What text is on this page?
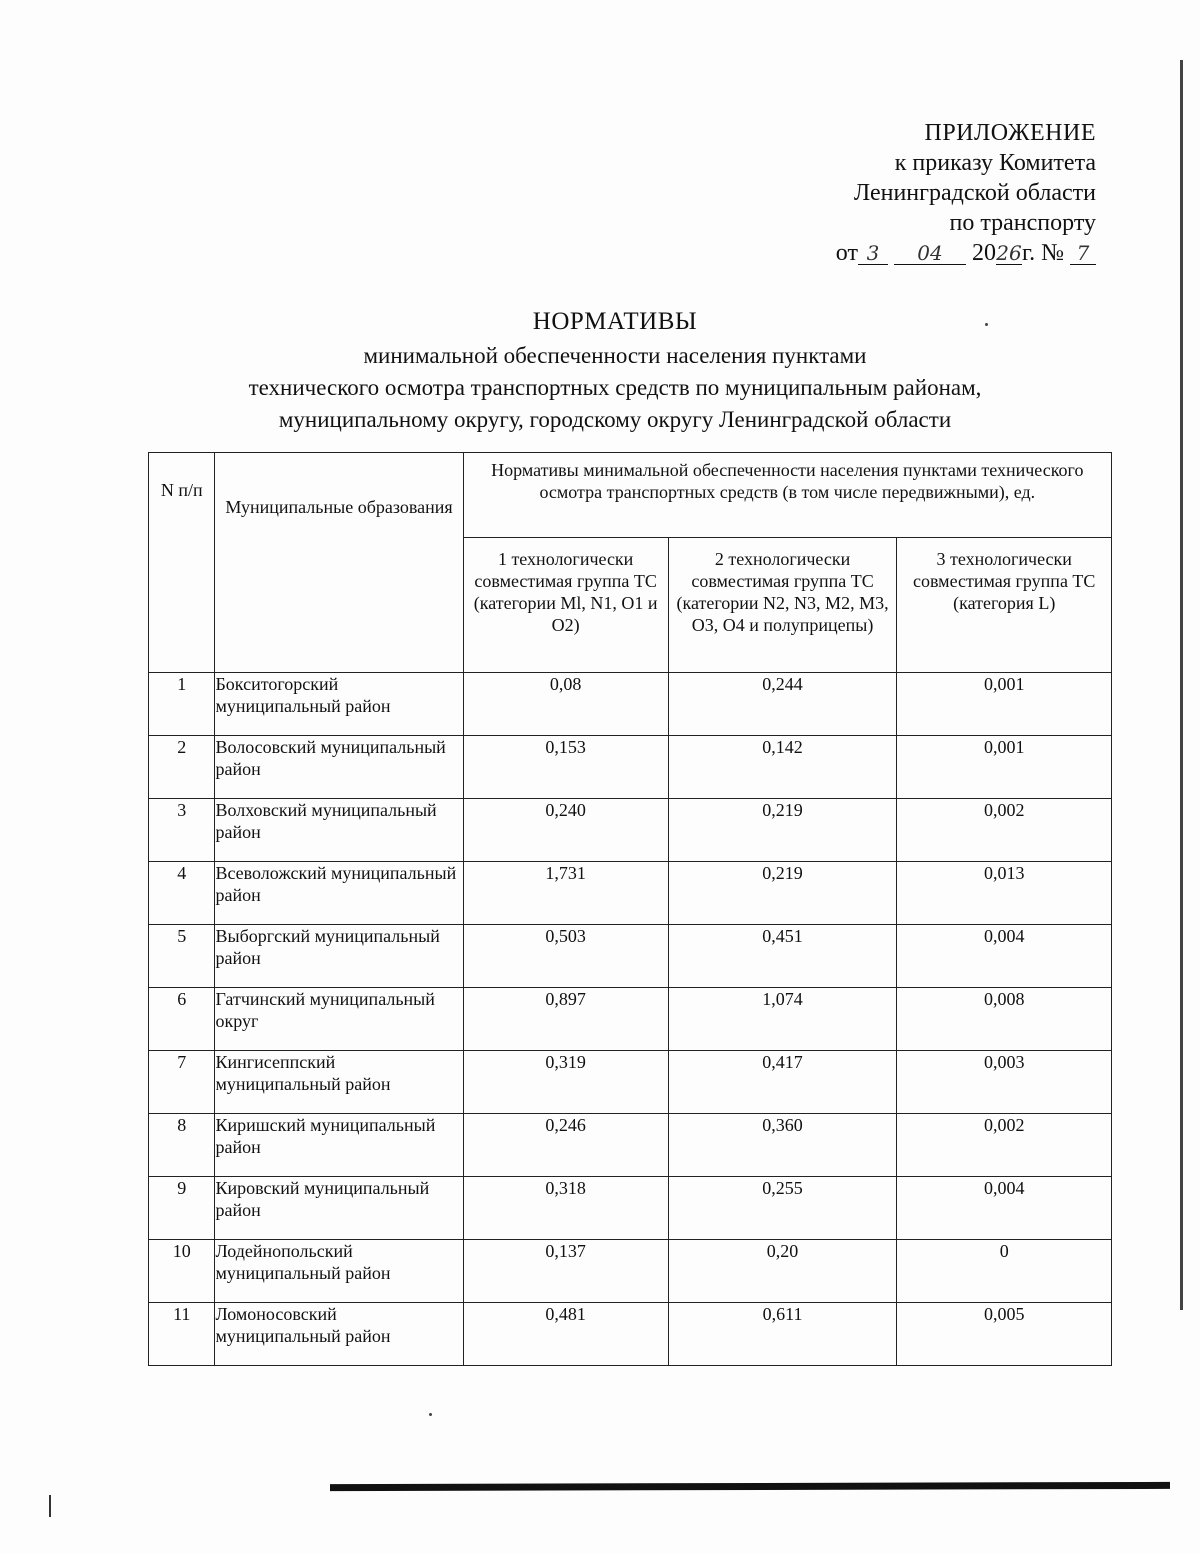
ПРИЛОЖЕНИЕ
к приказу Комитета
Ленинградской области
по транспорту
от 3 04 2026г. № 7
НОРМАТИВЫ
минимальной обеспеченности населения пунктами
технического осмотра транспортных средств по муниципальным районам,
муниципальному округу, городскому округу Ленинградской области
N п/п	Муниципальные образования	Нормативы минимальной обеспеченности населения пунктами технического осмотра транспортных средств (в том числе передвижными), ед.		
		1 технологически совместимая группа ТС (категории Ml, N1, O1 и O2)	2 технологически совместимая группа ТС (категории N2, N3, M2, M3, O3, O4 и полуприцепы)	3 технологически совместимая группа ТС (категория L)
1	Бокситогорский муниципальный район	0,08	0,244	0,001
2	Волосовский муниципальный район	0,153	0,142	0,001
3	Волховский муниципальный район	0,240	0,219	0,002
4	Всеволожский муниципальный район	1,731	0,219	0,013
5	Выборгский муниципальный район	0,503	0,451	0,004
6	Гатчинский муниципальный округ	0,897	1,074	0,008
7	Кингисеппский муниципальный район	0,319	0,417	0,003
8	Киришский муниципальный район	0,246	0,360	0,002
9	Кировский муниципальный район	0,318	0,255	0,004
10	Лодейнопольский муниципальный район	0,137	0,20	0
11	Ломоносовский муниципальный район	0,481	0,611	0,005
